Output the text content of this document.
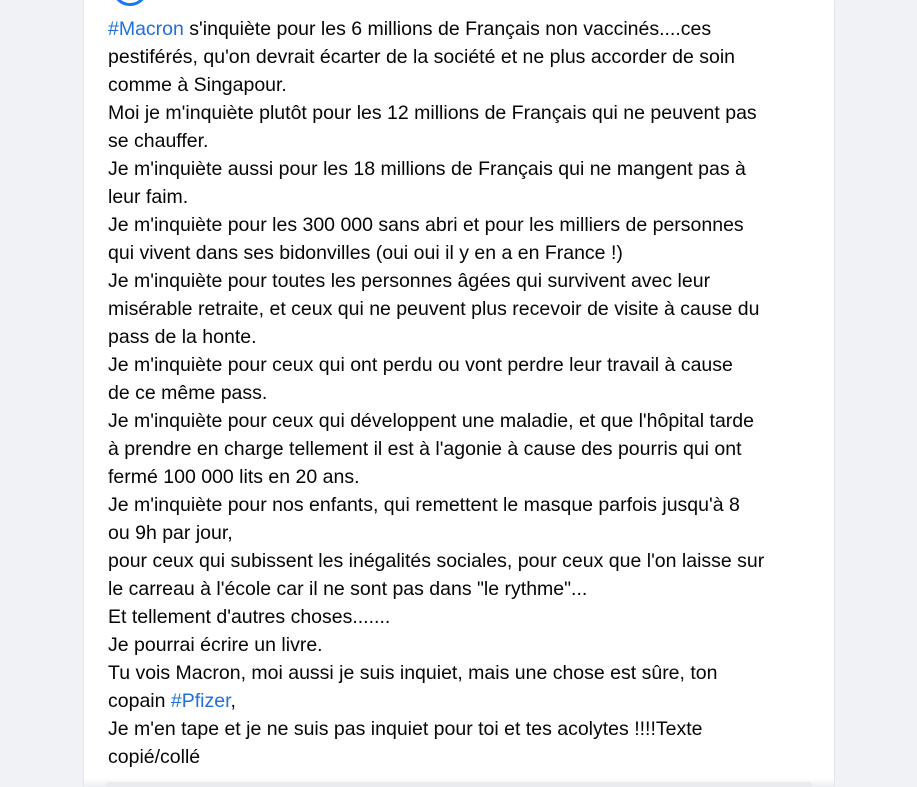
#Macron s'inquiète pour les 6 millions de Français non vaccinés....ces
pestiférés, qu'on devrait écarter de la société et ne plus accorder de soin
comme à Singapour.
Moi je m'inquiète plutôt pour les 12 millions de Français qui ne peuvent pas
se chauffer.
Je m'inquiète aussi pour les 18 millions de Français qui ne mangent pas à
leur faim.
Je m'inquiète pour les 300 000 sans abri et pour les milliers de personnes
qui vivent dans ses bidonvilles (oui oui il y en a en France !)
Je m'inquiète pour toutes les personnes âgées qui survivent avec leur
misérable retraite, et ceux qui ne peuvent plus recevoir de visite à cause du
pass de la honte.
Je m'inquiète pour ceux qui ont perdu ou vont perdre leur travail à cause
de ce même pass.
Je m'inquiète pour ceux qui développent une maladie, et que l'hôpital tarde
à prendre en charge tellement il est à l'agonie à cause des pourris qui ont
fermé 100 000 lits en 20 ans.
Je m'inquiète pour nos enfants, qui remettent le masque parfois jusqu'à 8
ou 9h par jour,
pour ceux qui subissent les inégalités sociales, pour ceux que l'on laisse sur
le carreau à l'école car il ne sont pas dans "le rythme"...
Et tellement d'autres choses.......
Je pourrai écrire un livre.
Tu vois Macron, moi aussi je suis inquiet, mais une chose est sûre, ton
copain #Pfizer,
Je m'en tape et je ne suis pas inquiet pour toi et tes acolytes !!!!Texte
copié/collé
